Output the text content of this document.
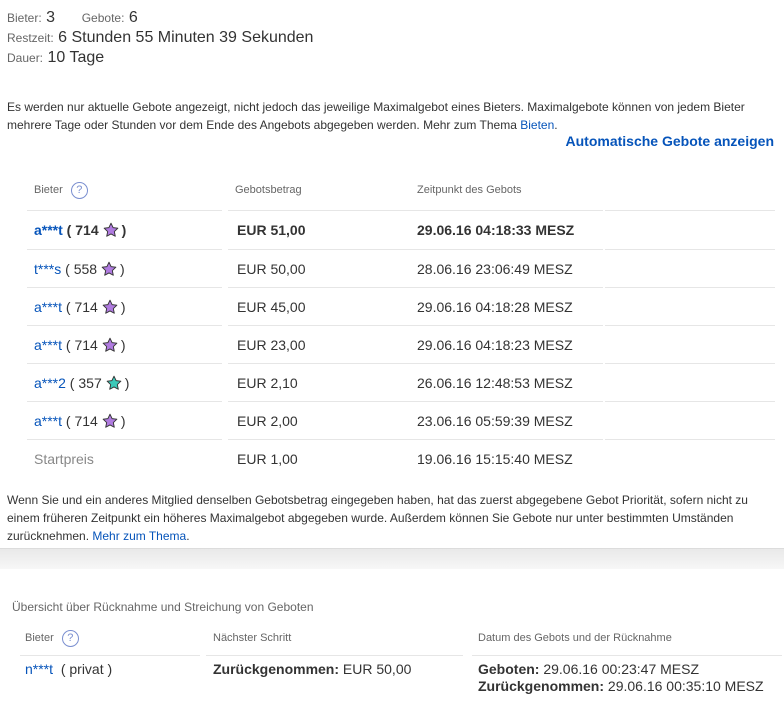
Bieter: 3 Gebote: 6
Restzeit: 6 Stunden 55 Minuten 39 Sekunden
Dauer: 10 Tage
Es werden nur aktuelle Gebote angezeigt, nicht jedoch das jeweilige Maximalgebot eines Bieters. Maximalgebote können von jedem Bieter mehrere Tage oder Stunden vor dem Ende des Angebots abgegeben werden. Mehr zum Thema Bieten.
Automatische Gebote anzeigen
Bieter ?	Gebotsbetrag	Zeitpunkt des Gebots
a***t ( 714 )	EUR 51,00	29.06.16 04:18:33 MESZ
t***s ( 558 )	EUR 50,00	28.06.16 23:06:49 MESZ
a***t ( 714 )	EUR 45,00	29.06.16 04:18:28 MESZ
a***t ( 714 )	EUR 23,00	29.06.16 04:18:23 MESZ
a***2 ( 357 )	EUR 2,10	26.06.16 12:48:53 MESZ
a***t ( 714 )	EUR 2,00	23.06.16 05:59:39 MESZ
Startpreis	EUR 1,00	19.06.16 15:15:40 MESZ
Wenn Sie und ein anderes Mitglied denselben Gebotsbetrag eingegeben haben, hat das zuerst abgegebene Gebot Priorität, sofern nicht zu einem früheren Zeitpunkt ein höheres Maximalgebot abgegeben wurde. Außerdem können Sie Gebote nur unter bestimmten Umständen zurücknehmen. Mehr zum Thema.
Übersicht über Rücknahme und Streichung von Geboten
Bieter ?	Nächster Schritt	Datum des Gebots und der Rücknahme
n***t ( privat )	Zurückgenommen: EUR 50,00	Geboten: 29.06.16 00:23:47 MESZ
Zurückgenommen: 29.06.16 00:35:10 MESZ
